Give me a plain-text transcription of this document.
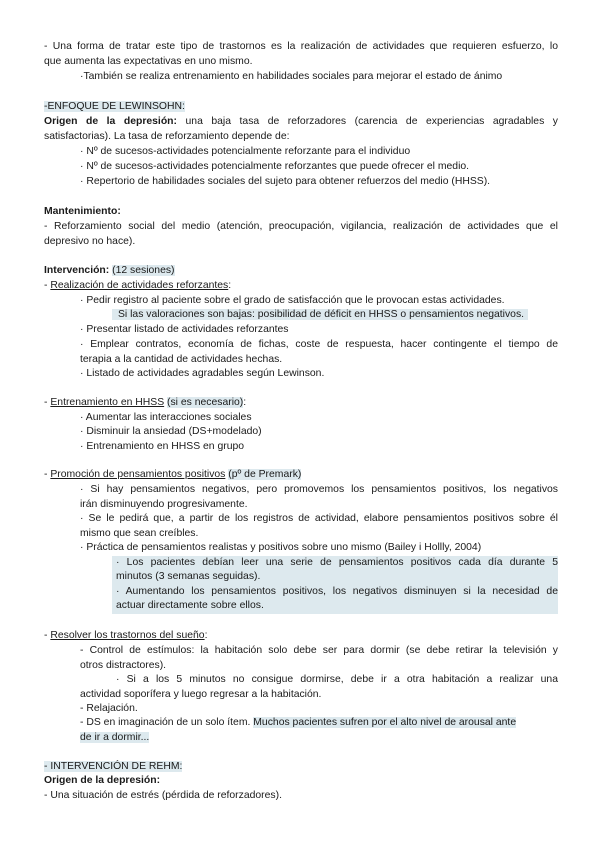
- Una forma de tratar este tipo de trastornos es la realización de actividades que requieren esfuerzo, lo
que aumenta las expectativas en uno mismo.
·También se realiza entrenamiento en habilidades sociales para mejorar el estado de ánimo
-ENFOQUE DE LEWINSOHN:
Origen de la depresión: una baja tasa de reforzadores (carencia de experiencias agradables y
satisfactorias). La tasa de reforzamiento depende de:
· Nº de sucesos-actividades potencialmente reforzante para el individuo
· Nº de sucesos-actividades potencialmente reforzantes que puede ofrecer el medio.
· Repertorio de habilidades sociales del sujeto para obtener refuerzos del medio (HHSS).
Mantenimiento:
- Reforzamiento social del medio (atención, preocupación, vigilancia, realización de actividades que el
depresivo no hace).
Intervención: (12 sesiones)
- Realización de actividades reforzantes:
· Pedir registro al paciente sobre el grado de satisfacción que le provocan estas actividades.
Si las valoraciones son bajas: posibilidad de déficit en HHSS o pensamientos negativos.
· Presentar listado de actividades reforzantes
· Emplear contratos, economía de fichas, coste de respuesta, hacer contingente el tiempo de
terapia a la cantidad de actividades hechas.
· Listado de actividades agradables según Lewinson.
- Entrenamiento en HHSS (si es necesario):
· Aumentar las interacciones sociales
· Disminuir la ansiedad (DS+modelado)
· Entrenamiento en HHSS en grupo
- Promoción de pensamientos positivos (pº de Premark)
· Si hay pensamientos negativos, pero promovemos los pensamientos positivos, los negativos
irán disminuyendo progresivamente.
· Se le pedirá que, a partir de los registros de actividad, elabore pensamientos positivos sobre él
mismo que sean creíbles.
· Práctica de pensamientos realistas y positivos sobre uno mismo (Bailey i Hollly, 2004)
· Los pacientes debían leer una serie de pensamientos positivos cada día durante 5
minutos (3 semanas seguidas).
· Aumentando los pensamientos positivos, los negativos disminuyen si la necesidad de
actuar directamente sobre ellos.
- Resolver los trastornos del sueño:
- Control de estímulos: la habitación solo debe ser para dormir (se debe retirar la televisión y
otros distractores).
· Si a los 5 minutos no consigue dormirse, debe ir a otra habitación a realizar una
actividad soporífera y luego regresar a la habitación.
- Relajación.
- DS en imaginación de un solo ítem. Muchos pacientes sufren por el alto nivel de arousal ante
de ir a dormir...
- INTERVENCIÓN DE REHM:
Origen de la depresión:
- Una situación de estrés (pérdida de reforzadores).
